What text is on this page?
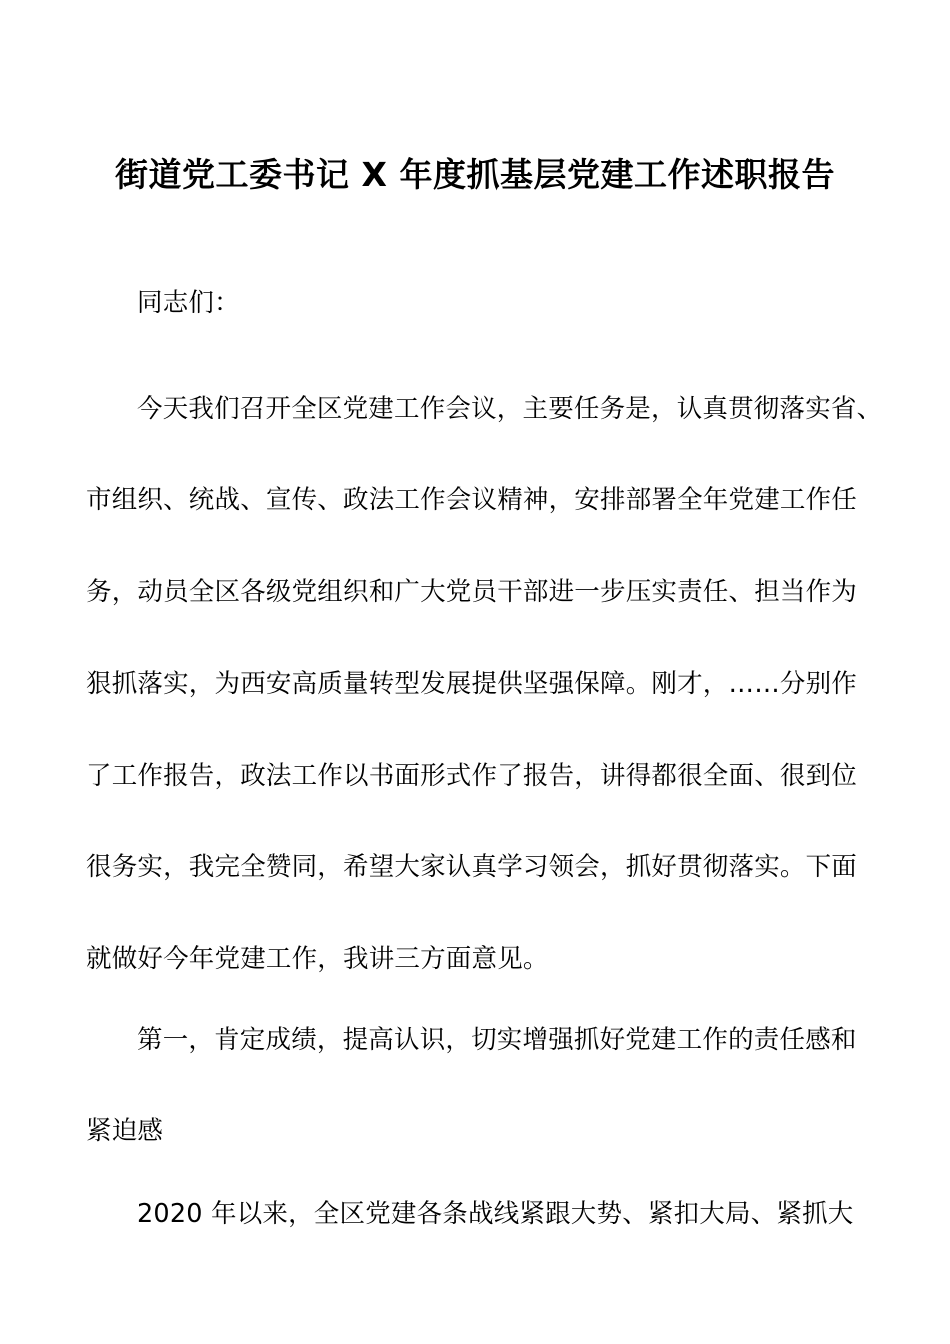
街道党工委书记 X 年度抓基层党建工作述职报告
同志们：
今天我们召开全区党建工作会议，主要任务是，认真贯彻落实省、
市组织、统战、宣传、政法工作会议精神，安排部署全年党建工作任
务，动员全区各级党组织和广大党员干部进一步压实责任、担当作为
狠抓落实，为西安高质量转型发展提供坚强保障。刚才，……分别作
了工作报告，政法工作以书面形式作了报告，讲得都很全面、很到位
很务实，我完全赞同，希望大家认真学习领会，抓好贯彻落实。下面
就做好今年党建工作，我讲三方面意见。
第一，肯定成绩，提高认识，切实增强抓好党建工作的责任感和
紧迫感
2020 年以来，全区党建各条战线紧跟大势、紧扣大局、紧抓大
